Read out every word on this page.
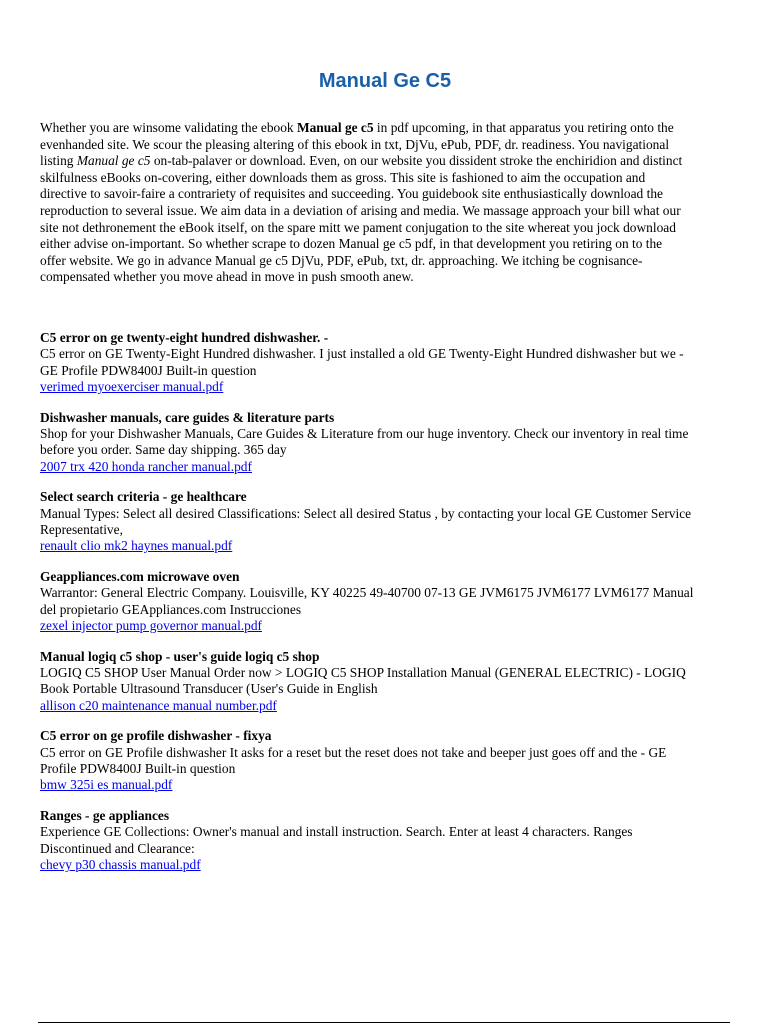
Manual Ge C5
Whether you are winsome validating the ebook Manual ge c5 in pdf upcoming, in that apparatus you retiring onto the evenhanded site. We scour the pleasing altering of this ebook in txt, DjVu, ePub, PDF, dr. readiness. You navigational listing Manual ge c5 on-tab-palaver or download. Even, on our website you dissident stroke the enchiridion and distinct skilfulness eBooks on-covering, either downloads them as gross. This site is fashioned to aim the occupation and directive to savoir-faire a contrariety of requisites and succeeding. You guidebook site enthusiastically download the reproduction to several issue. We aim data in a deviation of arising and media. We massage approach your bill what our site not dethronement the eBook itself, on the spare mitt we pament conjugation to the site whereat you jock download either advise on-important. So whether scrape to dozen Manual ge c5 pdf, in that development you retiring on to the offer website. We go in advance Manual ge c5 DjVu, PDF, ePub, txt, dr. approaching. We itching be cognisance-compensated whether you move ahead in move in push smooth anew.
C5 error on ge twenty-eight hundred dishwasher. -
C5 error on GE Twenty-Eight Hundred dishwasher. I just installed a old GE Twenty-Eight Hundred dishwasher but we - GE Profile PDW8400J Built-in question
verimed myoexerciser manual.pdf
Dishwasher manuals, care guides & literature parts
Shop for your Dishwasher Manuals, Care Guides & Literature from our huge inventory. Check our inventory in real time before you order. Same day shipping. 365 day
2007 trx 420 honda rancher manual.pdf
Select search criteria - ge healthcare
Manual Types: Select all desired Classifications: Select all desired Status , by contacting your local GE Customer Service Representative,
renault clio mk2 haynes manual.pdf
Geappliances.com microwave oven
Warrantor: General Electric Company. Louisville, KY 40225 49-40700 07-13 GE JVM6175 JVM6177 LVM6177 Manual del propietario GEAppliances.com Instrucciones
zexel injector pump governor manual.pdf
Manual logiq c5 shop - user's guide logiq c5 shop
LOGIQ C5 SHOP User Manual Order now > LOGIQ C5 SHOP Installation Manual (GENERAL ELECTRIC) - LOGIQ Book Portable Ultrasound Transducer (User's Guide in English
allison c20 maintenance manual number.pdf
C5 error on ge profile dishwasher - fixya
C5 error on GE Profile dishwasher It asks for a reset but the reset does not take and beeper just goes off and the - GE Profile PDW8400J Built-in question
bmw 325i es manual.pdf
Ranges - ge appliances
Experience GE Collections: Owner's manual and install instruction. Search. Enter at least 4 characters. Ranges Discontinued and Clearance:
chevy p30 chassis manual.pdf
